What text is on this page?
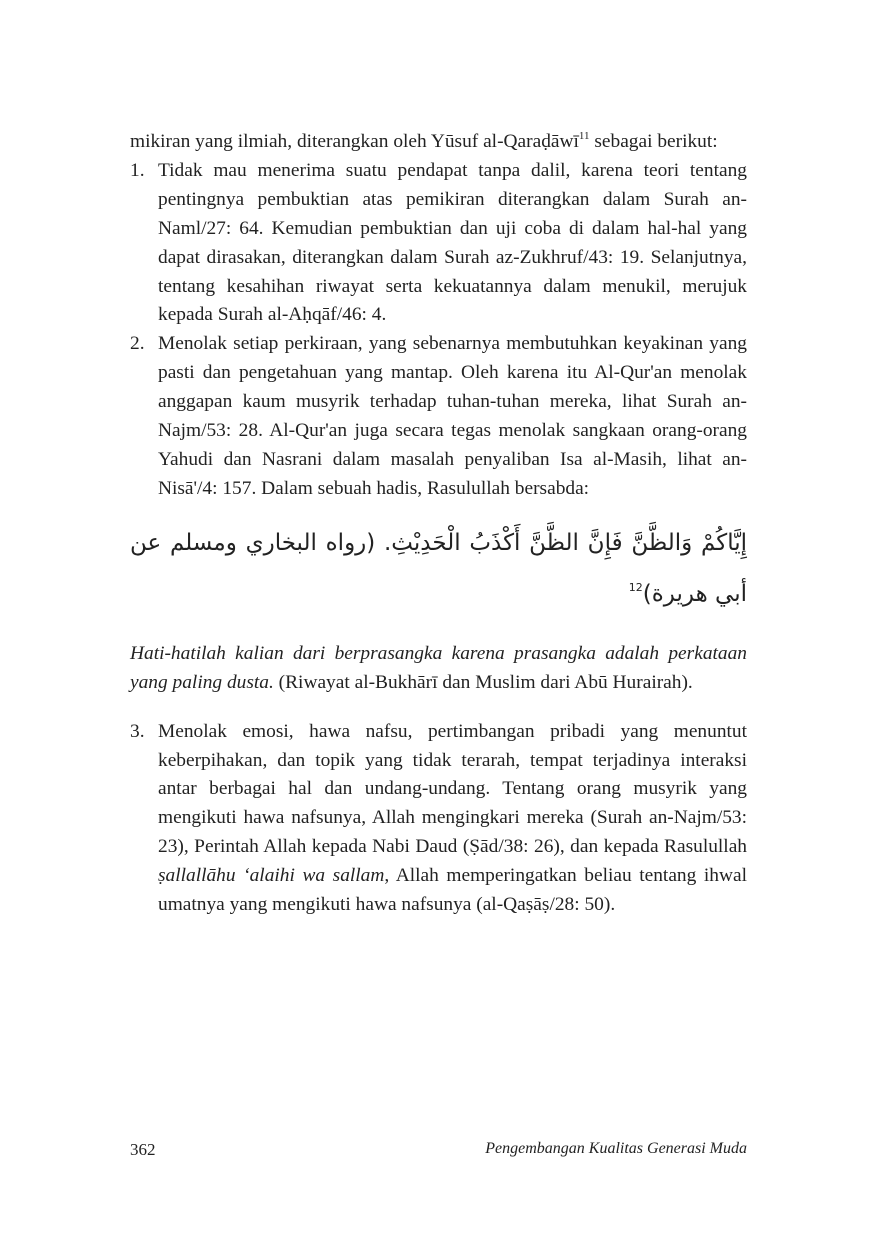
mikiran yang ilmiah, diterangkan oleh Yūsuf al-Qaraḍāwī$^{11}$ sebagai berikut:

1. Tidak mau menerima suatu pendapat tanpa dalil, karena teori tentang pentingnya pembuktian atas pemikiran diterangkan dalam Surah an-Naml/27: 64. Kemudian pembuktian dan uji coba di dalam hal-hal yang dapat dirasakan, diterangkan dalam Surah az-Zukhruf/43: 19. Selanjutnya, tentang kesahihan riwayat serta kekuatannya dalam menukil, merujuk kepada Surah al-Aḥqāf/46: 4.
2. Menolak setiap perkiraan, yang sebenarnya membutuhkan keyakinan yang pasti dan pengetahuan yang mantap. Oleh karena itu Al-Qur'an menolak anggapan kaum musyrik terhadap tuhan-tuhan mereka, lihat Surah an-Najm/53: 28. Al-Qur'an juga secara tegas menolak sangkaan orang-orang Yahudi dan Nasrani dalam masalah penyaliban Isa al-Masih, lihat an-Nisā'/4: 157. Dalam sebuah hadis, Rasulullah bersabda:

إِيَّاكُمْ وَالظَّنَّ فَإِنَّ الظَّنَّ أَكْذَبُ الْحَدِيْثِ. (رواه البخاري ومسلم عن أبي هريرة)$^{12}$

Hati-hatilah kalian dari berprasangka karena prasangka adalah perkataan yang paling dusta. (Riwayat al-Bukhārī dan Muslim dari Abū Hurairah).

3. Menolak emosi, hawa nafsu, pertimbangan pribadi yang menuntut keberpihakan, dan topik yang tidak terarah, tempat terjadinya interaksi antar berbagai hal dan undang-undang. Tentang orang musyrik yang mengikuti hawa nafsunya, Allah mengingkari mereka (Surah an-Najm/53: 23), Perintah Allah kepada Nabi Daud (Ṣād/38: 26), dan kepada Rasulullah ṣallallāhu ‘alaihi wa sallam, Allah memperingatkan beliau tentang ihwal umatnya yang mengikuti hawa nafsunya (al-Qaṣāṣ/28: 50).
362	Pengembangan Kualitas Generasi Muda
